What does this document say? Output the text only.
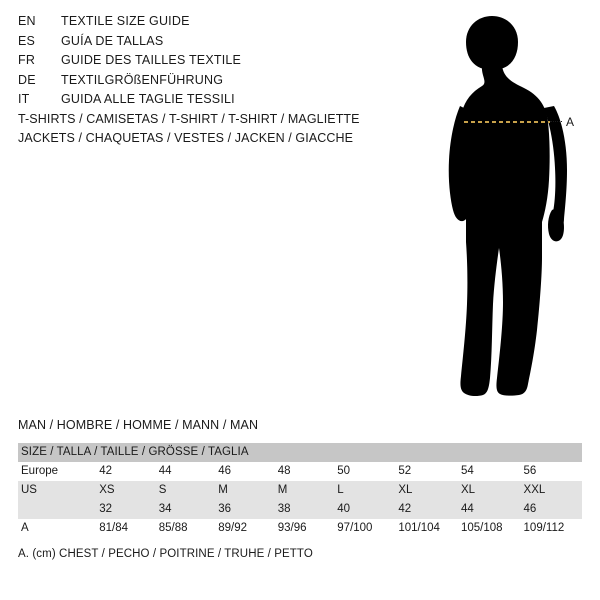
EN	TEXTILE SIZE GUIDE
ES	GUÍA DE TALLAS
FR	GUIDE DES TAILLES TEXTILE
DE	TEXTILGRÖßENFÜHRUNG
IT	GUIDA ALLE TAGLIE TESSILI
T-SHIRTS / CAMISETAS / T-SHIRT / T-SHIRT / MAGLIETTE
JACKETS / CHAQUETAS / VESTES / JACKEN / GIACCHE
A
MAN / HOMBRE / HOMME / MANN / MAN
SIZE / TALLA / TAILLE / GRÖSSE / TAGLIA								
Europe	42	44	46	48	50	52	54	56

US	XS	S	M	M	L	XL	XL	XXL

	32	34	36	38	40	42	44	46

A	81/84	85/88	89/92	93/96	97/100	101/104	105/108	109/112
A. (cm) CHEST / PECHO / POITRINE / TRUHE / PETTO
